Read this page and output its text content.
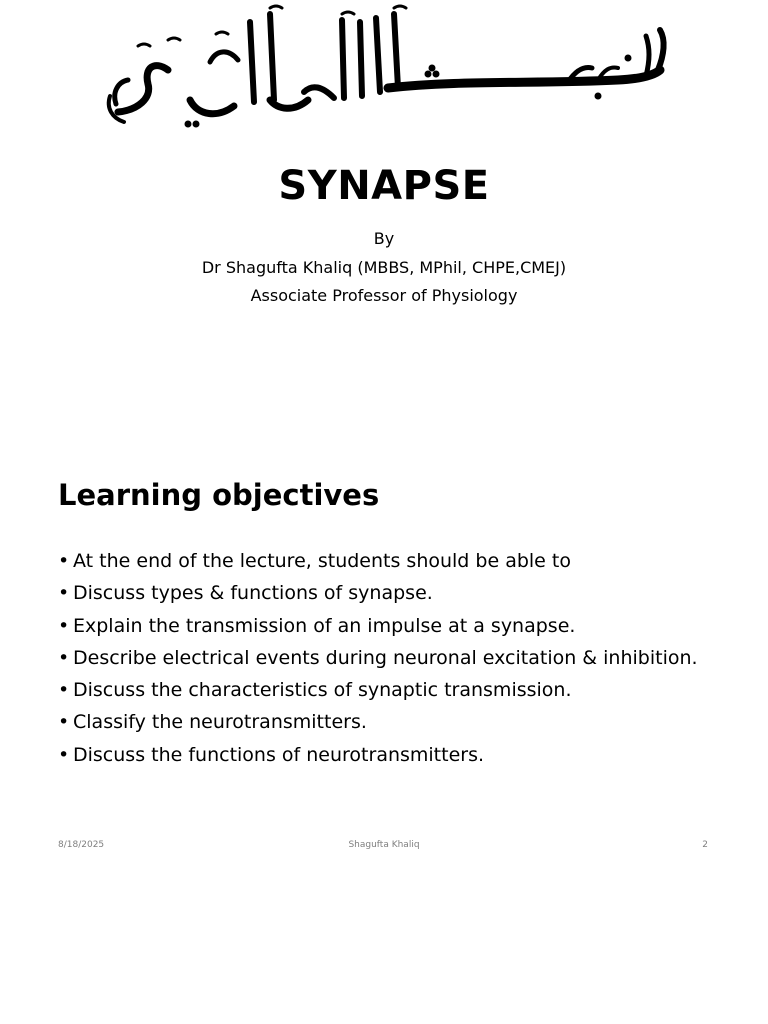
SYNAPSE
By
Dr Shagufta Khaliq (MBBS, MPhil, CHPE,CMEJ)
Associate Professor of Physiology
Learning objectives
• At the end of the lecture, students should be able to
• Discuss types & functions of synapse.
• Explain the transmission of an impulse at a synapse.
• Describe electrical events during neuronal excitation & inhibition.
• Discuss the characteristics of synaptic transmission.
• Classify the neurotransmitters.
• Discuss the functions of neurotransmitters.
8/18/2025	Shagufta Khaliq	2
